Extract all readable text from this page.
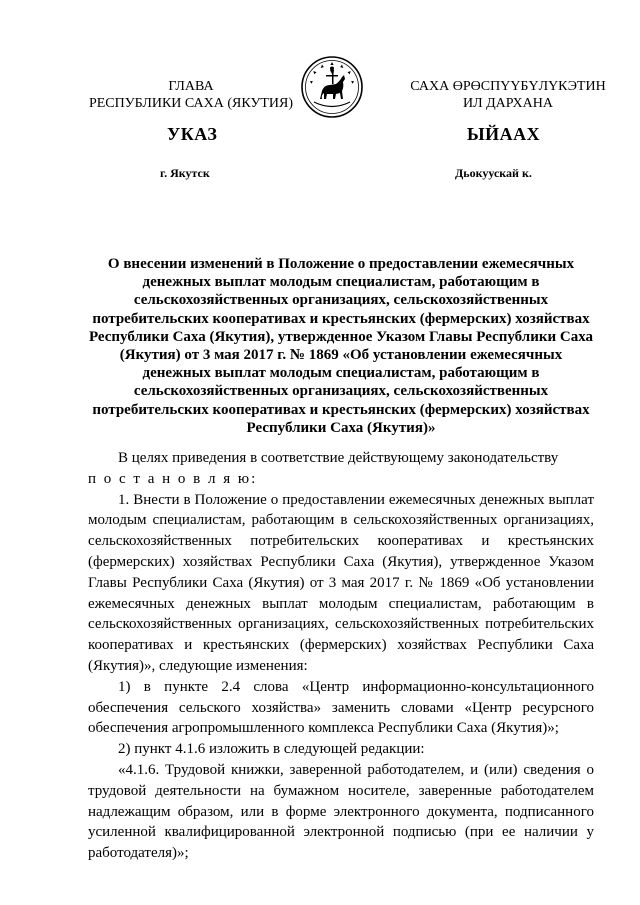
ГЛАВА
РЕСПУБЛИКИ САХА (ЯКУТИЯ)
САХА ӨРӨСПҮҮБҮЛҮКЭТИН
ИЛ ДАРХАНА
УКАЗ	ЫЙААХ
г. Якутск	Дьокуускай к.
О внесении изменений в Положение о предоставлении ежемесячных денежных выплат молодым специалистам, работающим в сельскохозяйственных организациях, сельскохозяйственных потребительских кооперативах и крестьянских (фермерских) хозяйствах Республики Саха (Якутия), утвержденное Указом Главы Республики Саха (Якутия) от 3 мая 2017 г. № 1869 «Об установлении ежемесячных денежных выплат молодым специалистам, работающим в сельскохозяйственных организациях, сельскохозяйственных потребительских кооперативах и крестьянских (фермерских) хозяйствах Республики Саха (Якутия)»

В целях приведения в соответствие действующему законодательству

п о с т а н о в л я ю:

1. Внести в Положение о предоставлении ежемесячных денежных выплат молодым специалистам, работающим в сельскохозяйственных организациях, сельскохозяйственных потребительских кооперативах и крестьянских (фермерских) хозяйствах Республики Саха (Якутия), утвержденное Указом Главы Республики Саха (Якутия) от 3 мая 2017 г. № 1869 «Об установлении ежемесячных денежных выплат молодым специалистам, работающим в сельскохозяйственных организациях, сельскохозяйственных потребительских кооперативах и крестьянских (фермерских) хозяйствах Республики Саха (Якутия)», следующие изменения:

1) в пункте 2.4 слова «Центр информационно-консультационного обеспечения сельского хозяйства» заменить словами «Центр ресурсного обеспечения агропромышленного комплекса Республики Саха (Якутия)»;

2) пункт 4.1.6 изложить в следующей редакции:

«4.1.6. Трудовой книжки, заверенной работодателем, и (или) сведения о трудовой деятельности на бумажном носителе, заверенные работодателем надлежащим образом, или в форме электронного документа, подписанного усиленной квалифицированной электронной подписью (при ее наличии у работодателя)»;
